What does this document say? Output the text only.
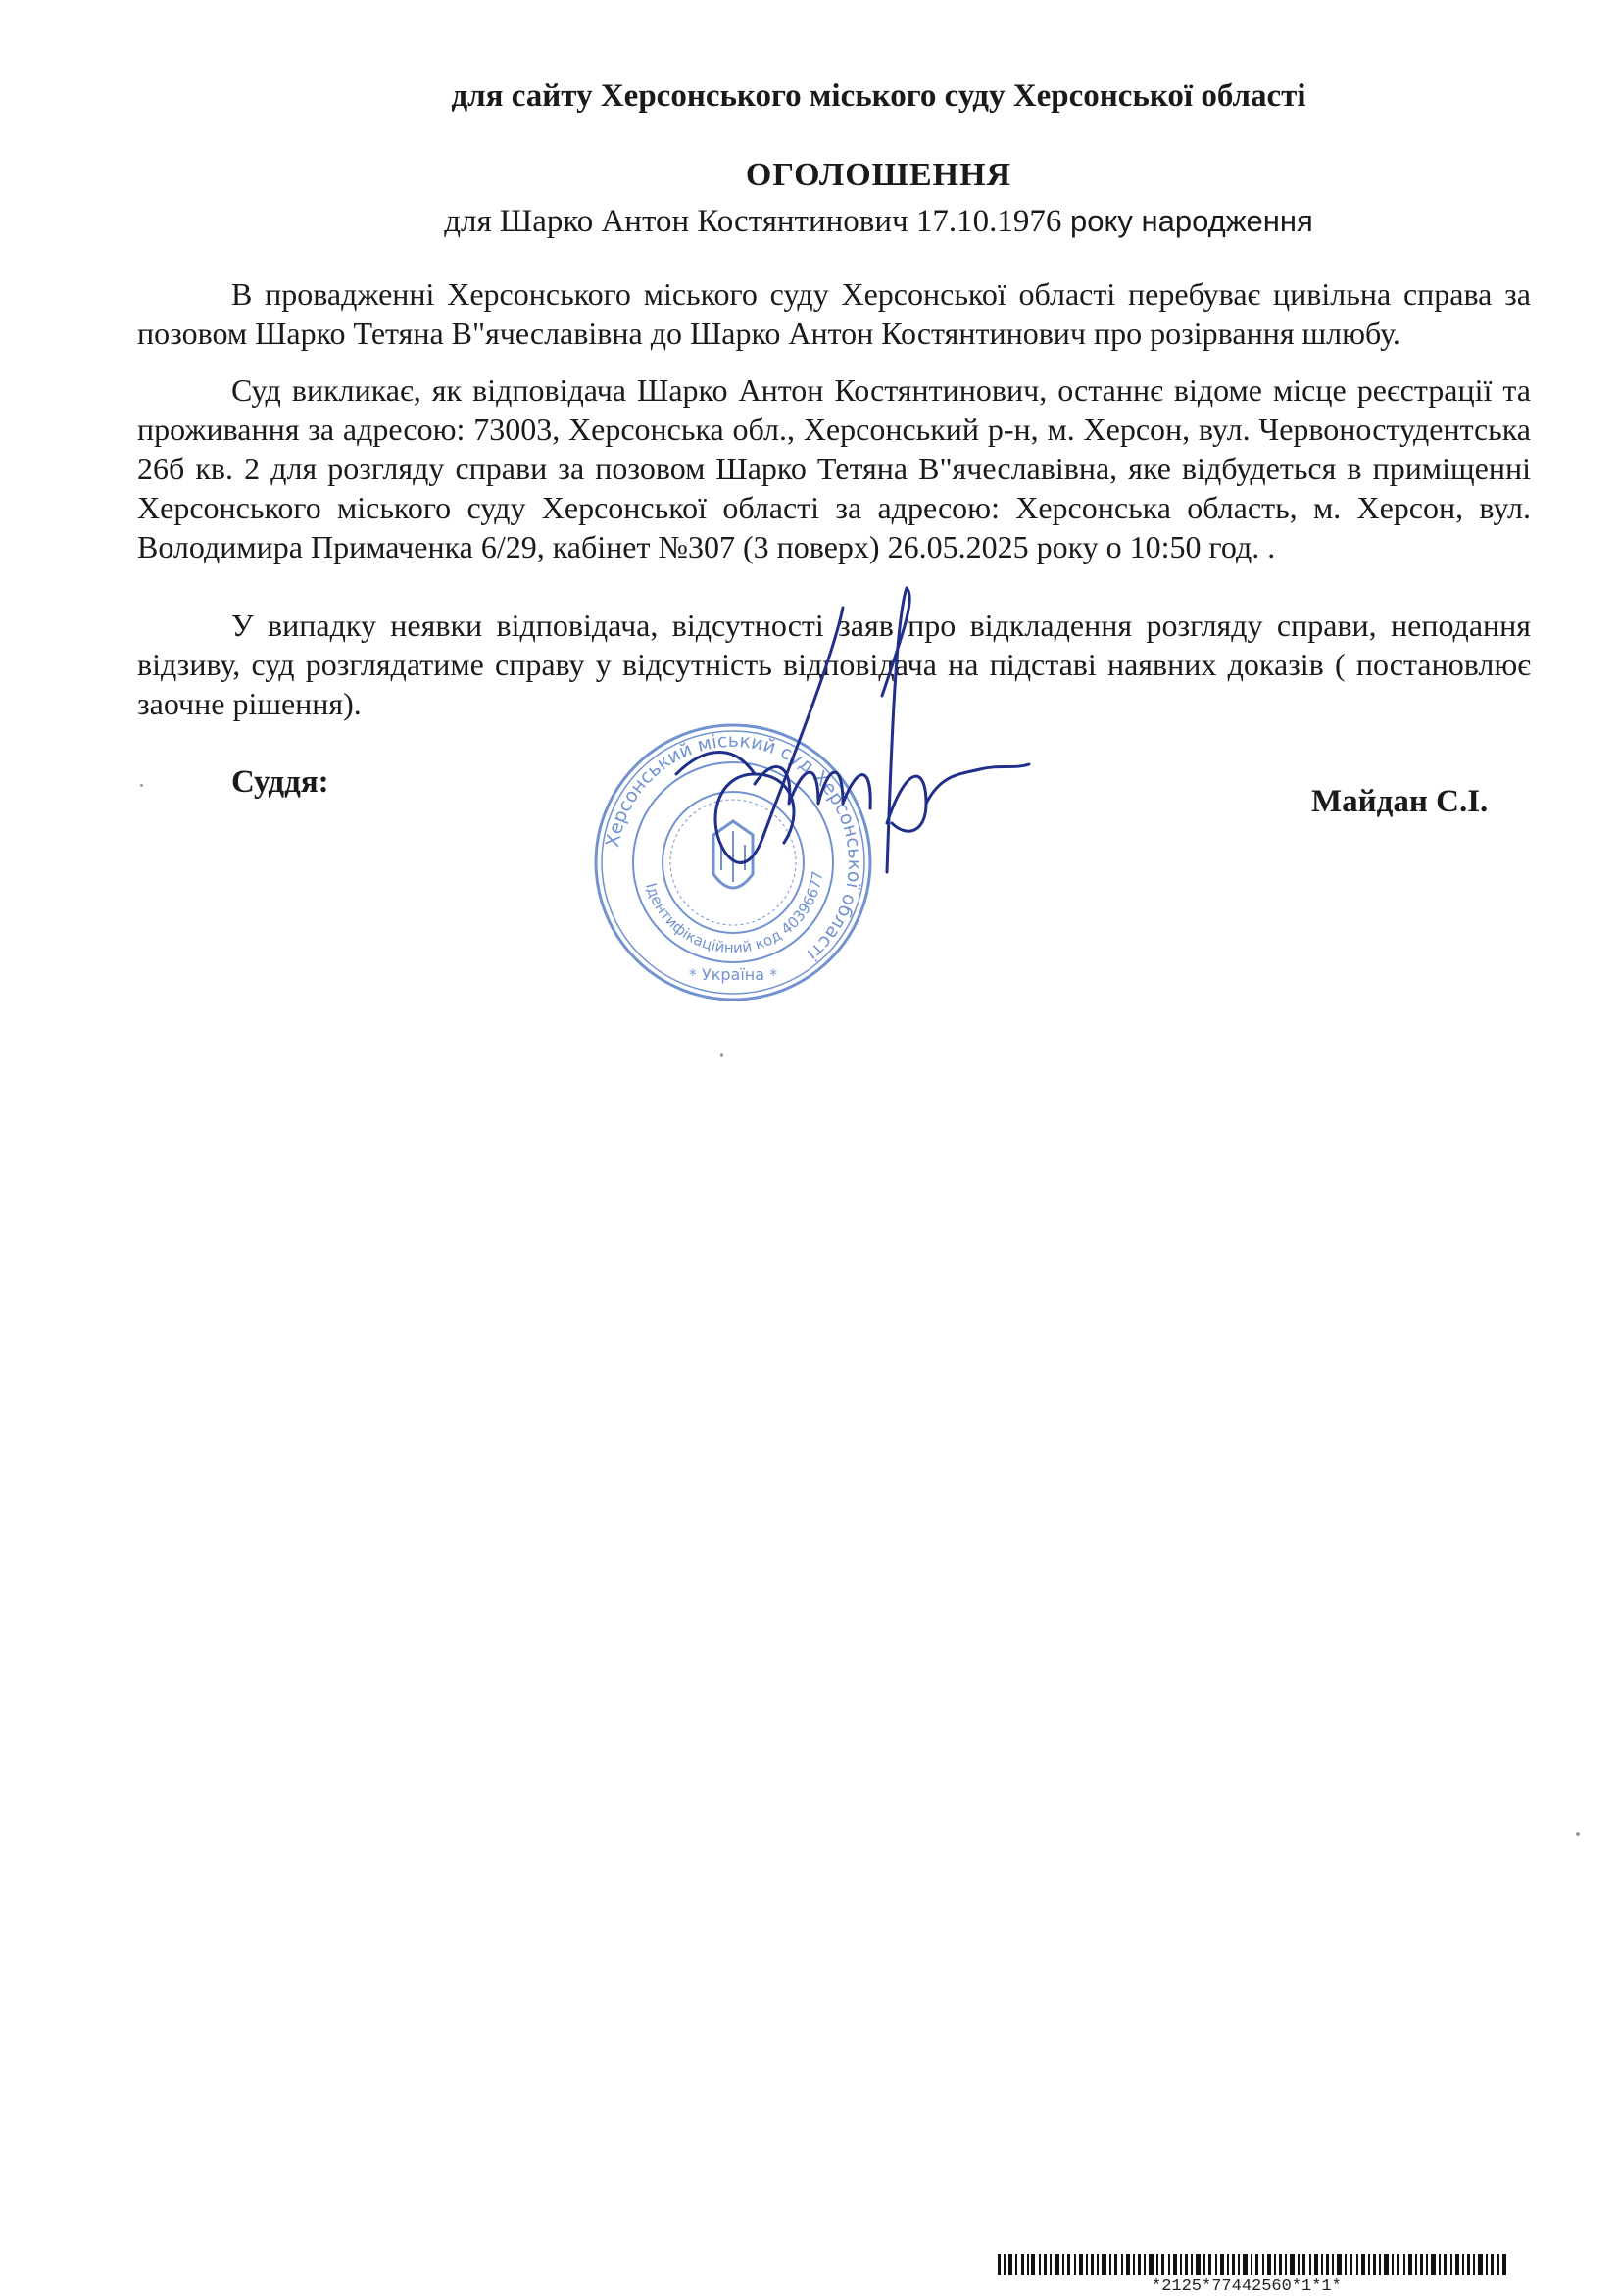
для сайту Херсонського міського суду Херсонської області
ОГОЛОШЕННЯ
для Шарко Антон Костянтинович 17.10.1976 року народження
В провадженні Херсонського міського суду Херсонської області перебуває цивільна справа за позовом Шарко Тетяна В"ячеславівна до Шарко Антон Костянтинович про розірвання шлюбу.
Суд викликає, як відповідача Шарко Антон Костянтинович, останнє відоме місце реєстрації та проживання за адресою: 73003, Херсонська обл., Херсонський р-н, м. Херсон, вул. Червоностудентська 26б кв. 2 для розгляду справи за позовом Шарко Тетяна В"ячеславівна, яке відбудеться в приміщенні Херсонського міського суду Херсонської області за адресою: Херсонська область, м. Херсон, вул. Володимира Примаченка 6/29, кабінет №307 (3 поверх) 26.05.2025 року о 10:50 год. .
У випадку неявки відповідача, відсутності заяв про відкладення розгляду справи, неподання відзиву, суд розглядатиме справу у відсутність відповідача на підставі наявних доказів ( постановлює заочне рішення).
Суддя:
Майдан С.І.
Херсонський міський суд Херсонської області
Ідентифікаційний код 40396677
* Україна *
*2125*77442560*1*1*
